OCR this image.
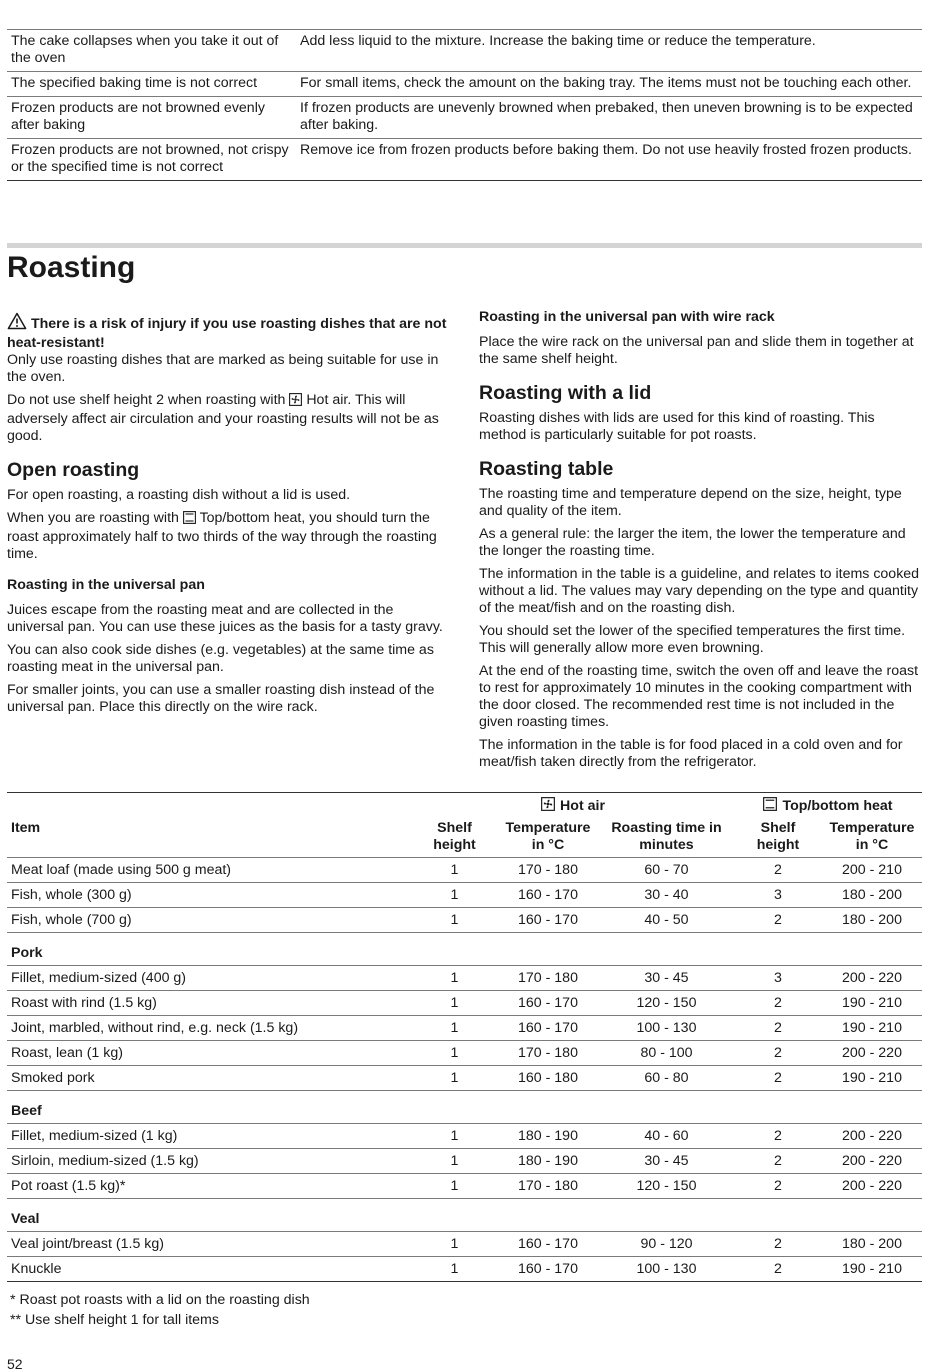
The cake collapses when you take it out of the oven	Add less liquid to the mixture. Increase the baking time or reduce the temperature.
The specified baking time is not correct	For small items, check the amount on the baking tray. The items must not be touching each other.
Frozen products are not browned evenly after baking	If frozen products are unevenly browned when prebaked, then uneven browning is to be expected after baking.
Frozen products are not browned, not crispy or the specified time is not correct	Remove ice from frozen products before baking them. Do not use heavily frosted frozen products.
Roasting

There is a risk of injury if you use roasting dishes that are not heat-resistant!

Only use roasting dishes that are marked as being suitable for use in the oven.

Do not use shelf height 2 when roasting with Hot air. This will adversely affect air circulation and your roasting results will not be as good.

Open roasting

For open roasting, a roasting dish without a lid is used.

When you are roasting with Top/bottom heat, you should turn the roast approximately half to two thirds of the way through the roasting time.

Roasting in the universal pan

Juices escape from the roasting meat and are collected in the universal pan. You can use these juices as the basis for a tasty gravy.

You can also cook side dishes (e.g. vegetables) at the same time as roasting meat in the universal pan.

For smaller joints, you can use a smaller roasting dish instead of the universal pan. Place this directly on the wire rack.

Roasting in the universal pan with wire rack

Place the wire rack on the universal pan and slide them in together at the same shelf height.

Roasting with a lid

Roasting dishes with lids are used for this kind of roasting. This method is particularly suitable for pot roasts.

Roasting table

The roasting time and temperature depend on the size, height, type and quality of the item.

As a general rule: the larger the item, the lower the temperature and the longer the roasting time.

The information in the table is a guideline, and relates to items cooked without a lid. The values may vary depending on the type and quantity of the meat/fish and on the roasting dish.

You should set the lower of the specified temperatures the first time. This will generally allow more even browning.

At the end of the roasting time, switch the oven off and leave the roast to rest for approximately 10 minutes in the cooking compartment with the door closed. The recommended rest time is not included in the given roasting times.

The information in the table is for food placed in a cold oven and for meat/fish taken directly from the refrigerator.

	Hot air			Top/bottom heat	

Item	Shelf height	Temperature in °C	Roasting time in minutes	Shelf height	Temperature in °C
Meat loaf (made using 500 g meat)	1	170 - 180	60 - 70	2	200 - 210
Fish, whole (300 g)	1	160 - 170	30 - 40	3	180 - 200
Fish, whole (700 g)	1	160 - 170	40 - 50	2	180 - 200
Pork					
Fillet, medium-sized (400 g)	1	170 - 180	30 - 45	3	200 - 220
Roast with rind (1.5 kg)	1	160 - 170	120 - 150	2	190 - 210
Joint, marbled, without rind, e.g. neck (1.5 kg)	1	160 - 170	100 - 130	2	190 - 210
Roast, lean (1 kg)	1	170 - 180	80 - 100	2	200 - 220
Smoked pork	1	160 - 180	60 - 80	2	190 - 210
Beef					
Fillet, medium-sized (1 kg)	1	180 - 190	40 - 60	2	200 - 220
Sirloin, medium-sized (1.5 kg)	1	180 - 190	30 - 45	2	200 - 220
Pot roast (1.5 kg)*	1	170 - 180	120 - 150	2	200 - 220
Veal					
Veal joint/breast (1.5 kg)	1	160 - 170	90 - 120	2	180 - 200
Knuckle	1	160 - 170	100 - 130	2	190 - 210
* Roast pot roasts with a lid on the roasting dish
** Use shelf height 1 for tall items
52
